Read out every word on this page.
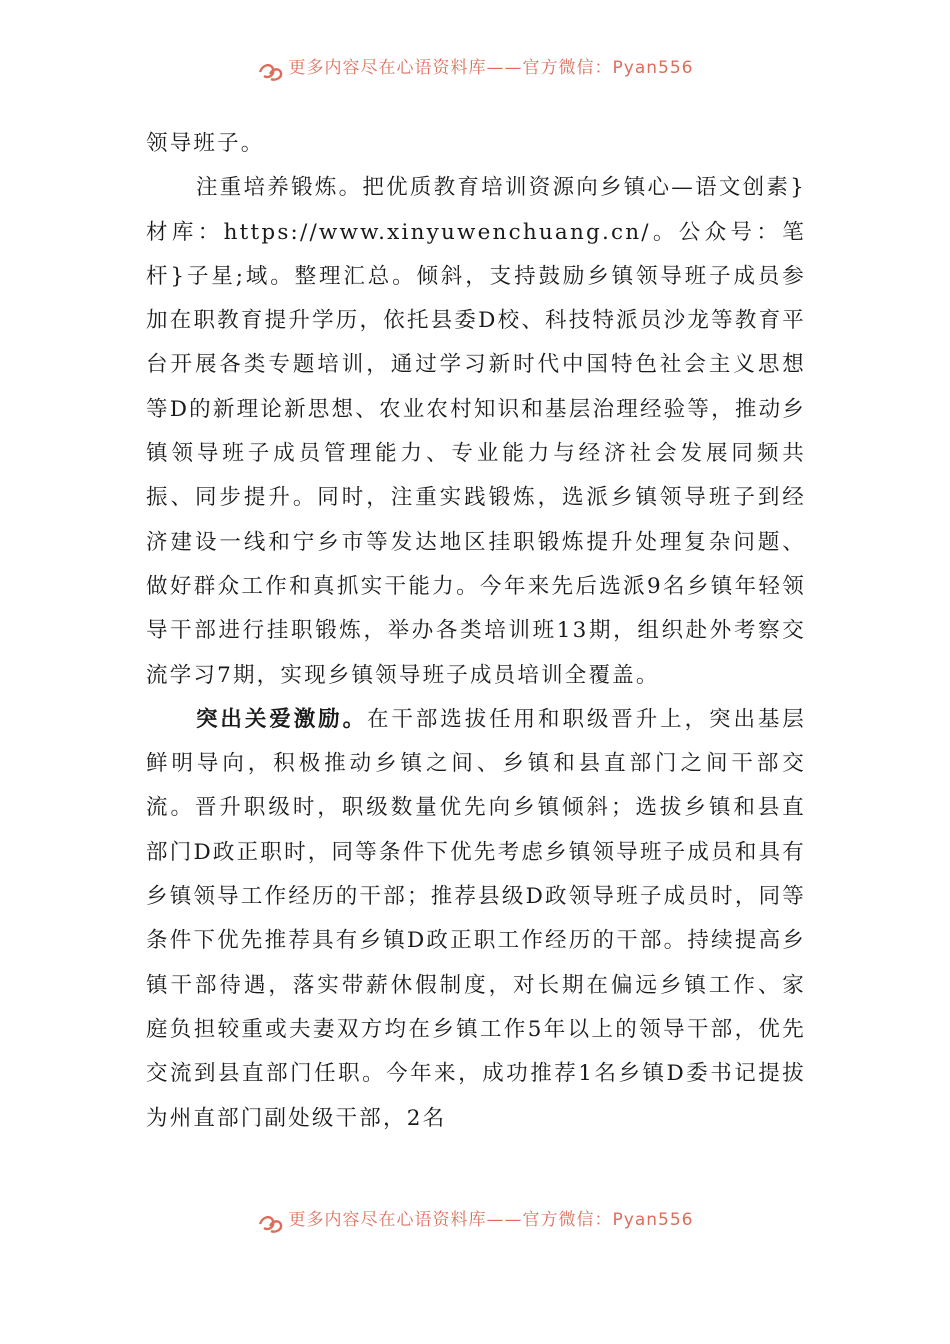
更多内容尽在心语资料库——官方微信：Pyan556

领导班子。

注重培养锻炼。把优质教育培训资源向乡镇心—语文创素}材库：https://www.xinyuwenchuang.cn/。公众号：笔杆}子星;域。整理汇总。倾斜，支持鼓励乡镇领导班子成员参加在职教育提升学历，依托县委D校、科技特派员沙龙等教育平台开展各类专题培训，通过学习新时代中国特色社会主义思想等D的新理论新思想、农业农村知识和基层治理经验等，推动乡镇领导班子成员管理能力、专业能力与经济社会发展同频共振、同步提升。同时，注重实践锻炼，选派乡镇领导班子到经济建设一线和宁乡市等发达地区挂职锻炼提升处理复杂问题、做好群众工作和真抓实干能力。今年来先后选派9名乡镇年轻领导干部进行挂职锻炼，举办各类培训班13期，组织赴外考察交流学习7期，实现乡镇领导班子成员培训全覆盖。

突出关爱激励。在干部选拔任用和职级晋升上，突出基层鲜明导向，积极推动乡镇之间、乡镇和县直部门之间干部交流。晋升职级时，职级数量优先向乡镇倾斜；选拔乡镇和县直部门D政正职时，同等条件下优先考虑乡镇领导班子成员和具有乡镇领导工作经历的干部；推荐县级D政领导班子成员时，同等条件下优先推荐具有乡镇D政正职工作经历的干部。持续提高乡镇干部待遇，落实带薪休假制度，对长期在偏远乡镇工作、家庭负担较重或夫妻双方均在乡镇工作5年以上的领导干部，优先交流到县直部门任职。今年来，成功推荐1名乡镇D委书记提拔为州直部门副处级干部，2名

更多内容尽在心语资料库——官方微信：Pyan556
